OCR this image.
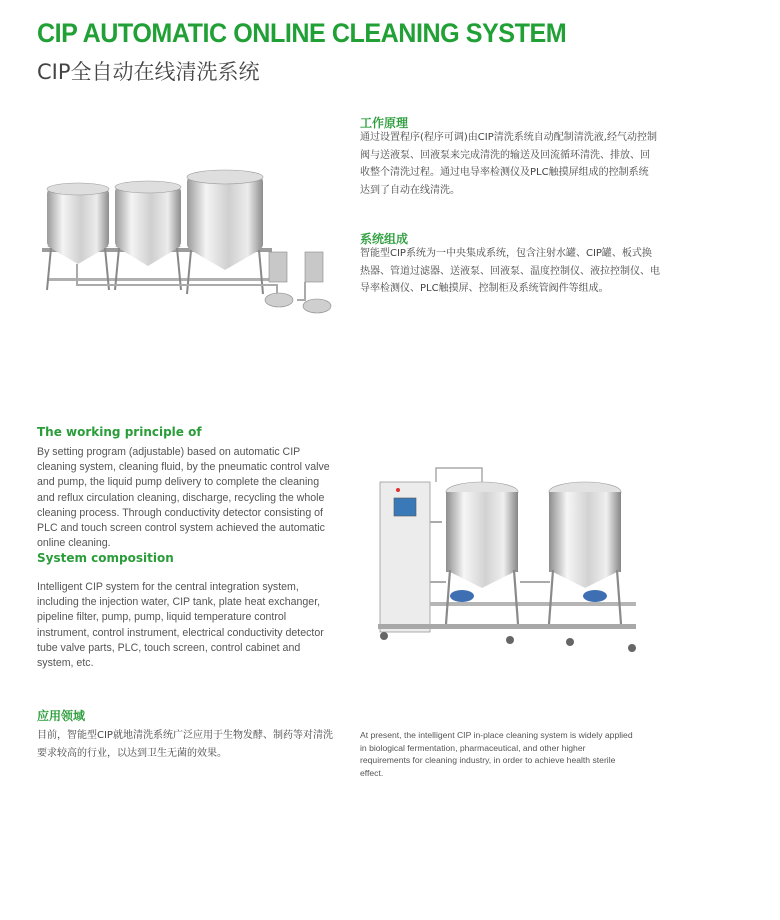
CIP AUTOMATIC ONLINE CLEANING SYSTEM
CIP全自动在线清洗系统
工作原理
通过设置程序(程序可调)由CIP清洗系统自动配制清洗液,经气动控制
阀与送液泵、回液泵来完成清洗的输送及回流循环清洗、排放、回
收整个清洗过程。通过电导率检测仪及PLC触摸屏组成的控制系统
达到了自动在线清洗。
系统组成
智能型CIP系统为一中央集成系统，包含注射水罐、CIP罐、板式换
热器、管道过滤器、送液泵、回液泵、温度控制仪、液拉控制仪、电
导率检测仪、PLC触摸屏、控制柜及系统管阀件等组成。
The working principle of
By setting program (adjustable) based on automatic CIP
cleaning system, cleaning fluid, by the pneumatic control valve
and pump, the liquid pump delivery to complete the cleaning
and reflux circulation cleaning, discharge, recycling the whole
cleaning process. Through conductivity detector consisting of
PLC and touch screen control system achieved the automatic
online cleaning.
System composition
Intelligent CIP system for the central integration system,
including the injection water, CIP tank, plate heat exchanger,
pipeline filter, pump, pump, liquid temperature control
instrument, control instrument, electrical conductivity detector
tube valve parts, PLC, touch screen, control cabinet and
system, etc.
应用领域
目前，智能型CIP就地清洗系统广泛应用于生物发酵、制药等对清洗
要求较高的行业，以达到卫生无菌的效果。
At present, the intelligent CIP in-place cleaning system is widely applied
in biological fermentation, pharmaceutical, and other higher
requirements for cleaning industry, in order to achieve health sterile
effect.
